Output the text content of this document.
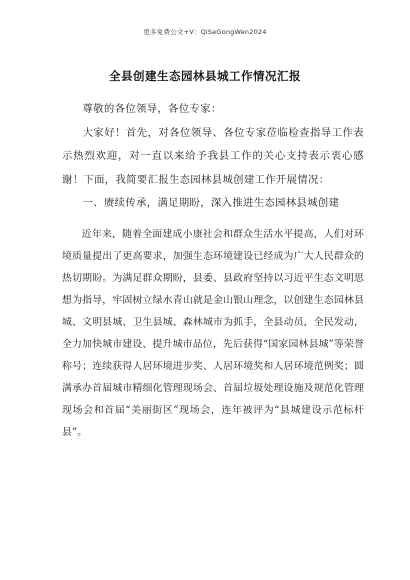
更多免费公文+V：QiSeGongWen2024
全县创建生态园林县城工作情况汇报

尊敬的各位领导，各位专家：

大家好！首先，对各位领导、各位专家莅临检查指导工作表示热烈欢迎，对一直以来给予我县工作的关心支持表示衷心感谢！下面，我简要汇报生态园林县城创建工作开展情况：

一、赓续传承，满足期盼，深入推进生态园林县城创建

近年来，随着全面建成小康社会和群众生活水平提高，人们对环境质量提出了更高要求，加强生态环境建设已经成为广大人民群众的热切期盼。为满足群众期盼，县委、县政府坚持以习近平生态文明思想为指导，牢固树立绿水青山就是金山银山理念，以创建生态园林县城、文明县城、卫生县城、森林城市为抓手，全县动员，全民发动，全力加快城市建设、提升城市品位，先后获得“国家园林县城”等荣誉称号；连续获得人居环境进步奖、人居环境奖和人居环境范例奖；圆满承办首届城市精细化管理现场会、首届垃圾处理设施及规范化管理现场会和首届“美丽街区”现场会，连年被评为“县城建设示范标杆县”。
